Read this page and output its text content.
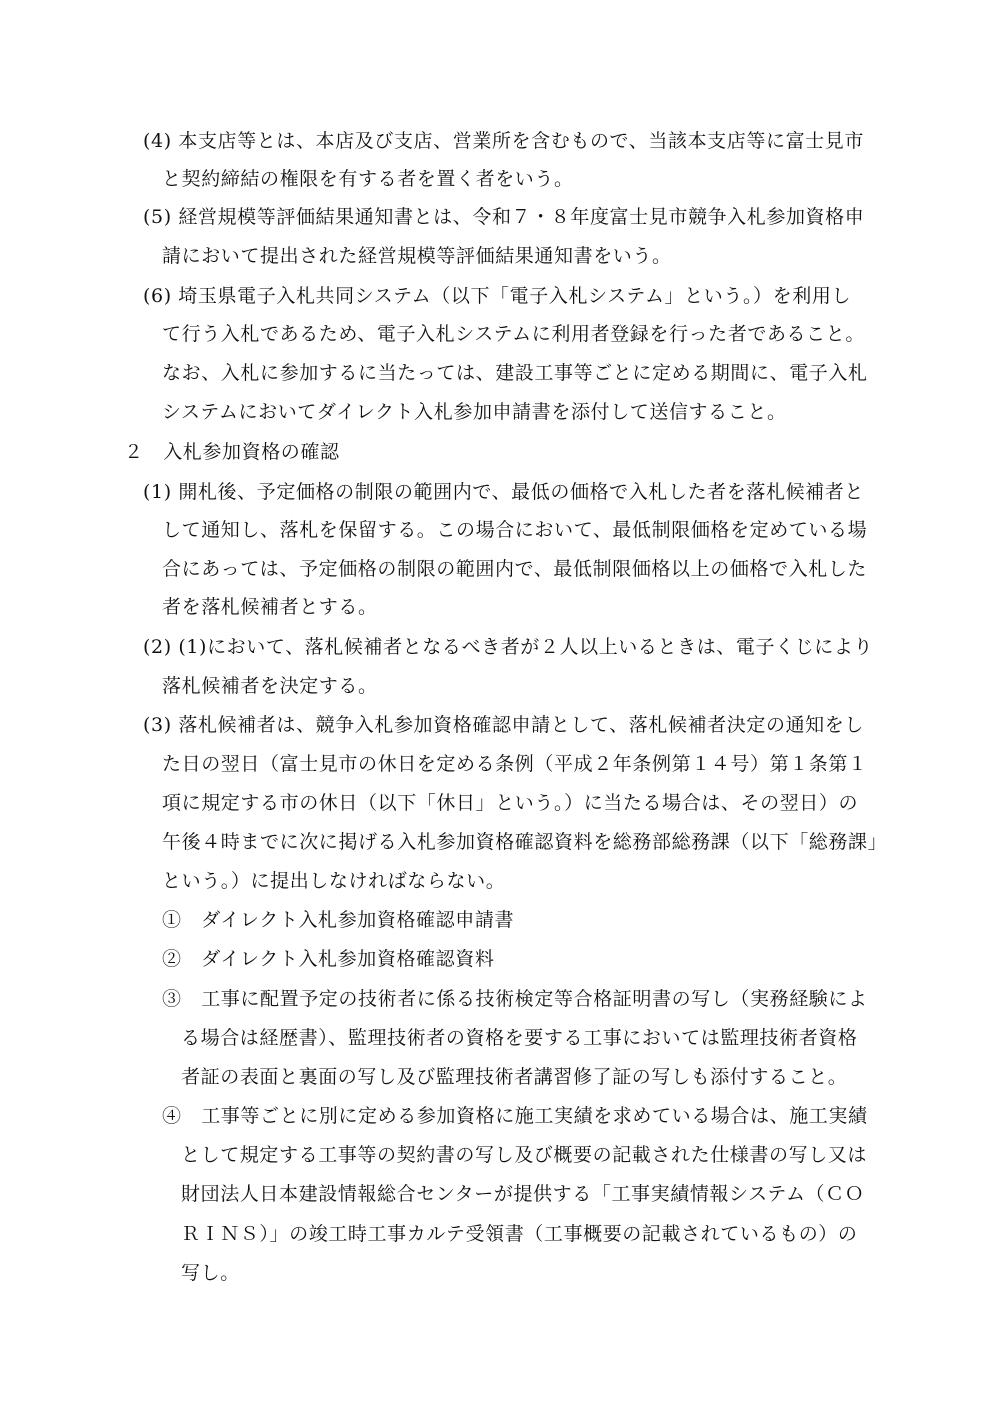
(4) 本支店等とは、本店及び支店、営業所を含むもので、当該本支店等に富士見市
と契約締結の権限を有する者を置く者をいう。
(5) 経営規模等評価結果通知書とは、令和７・８年度富士見市競争入札参加資格申
請において提出された経営規模等評価結果通知書をいう。
(6) 埼玉県電子入札共同システム（以下「電子入札システム」という。）を利用し
て行う入札であるため、電子入札システムに利用者登録を行った者であること。
なお、入札に参加するに当たっては、建設工事等ごとに定める期間に、電子入札
システムにおいてダイレクト入札参加申請書を添付して送信すること。
２　入札参加資格の確認
(1) 開札後、予定価格の制限の範囲内で、最低の価格で入札した者を落札候補者と
して通知し、落札を保留する。この場合において、最低制限価格を定めている場
合にあっては、予定価格の制限の範囲内で、最低制限価格以上の価格で入札した
者を落札候補者とする。
(2) (1)において、落札候補者となるべき者が２人以上いるときは、電子くじにより
落札候補者を決定する。
(3) 落札候補者は、競争入札参加資格確認申請として、落札候補者決定の通知をし
た日の翌日（富士見市の休日を定める条例（平成２年条例第１４号）第１条第１
項に規定する市の休日（以下「休日」という。）に当たる場合は、その翌日）の
午後４時までに次に掲げる入札参加資格確認資料を総務部総務課（以下「総務課」
という。）に提出しなければならない。
①　ダイレクト入札参加資格確認申請書
②　ダイレクト入札参加資格確認資料
③　工事に配置予定の技術者に係る技術検定等合格証明書の写し（実務経験によ
る場合は経歴書）、監理技術者の資格を要する工事においては監理技術者資格
者証の表面と裏面の写し及び監理技術者講習修了証の写しも添付すること。
④　工事等ごとに別に定める参加資格に施工実績を求めている場合は、施工実績
として規定する工事等の契約書の写し及び概要の記載された仕様書の写し又は
財団法人日本建設情報総合センターが提供する「工事実績情報システム（ＣＯ
ＲＩＮＳ）」の竣工時工事カルテ受領書（工事概要の記載されているもの）の
写し。
